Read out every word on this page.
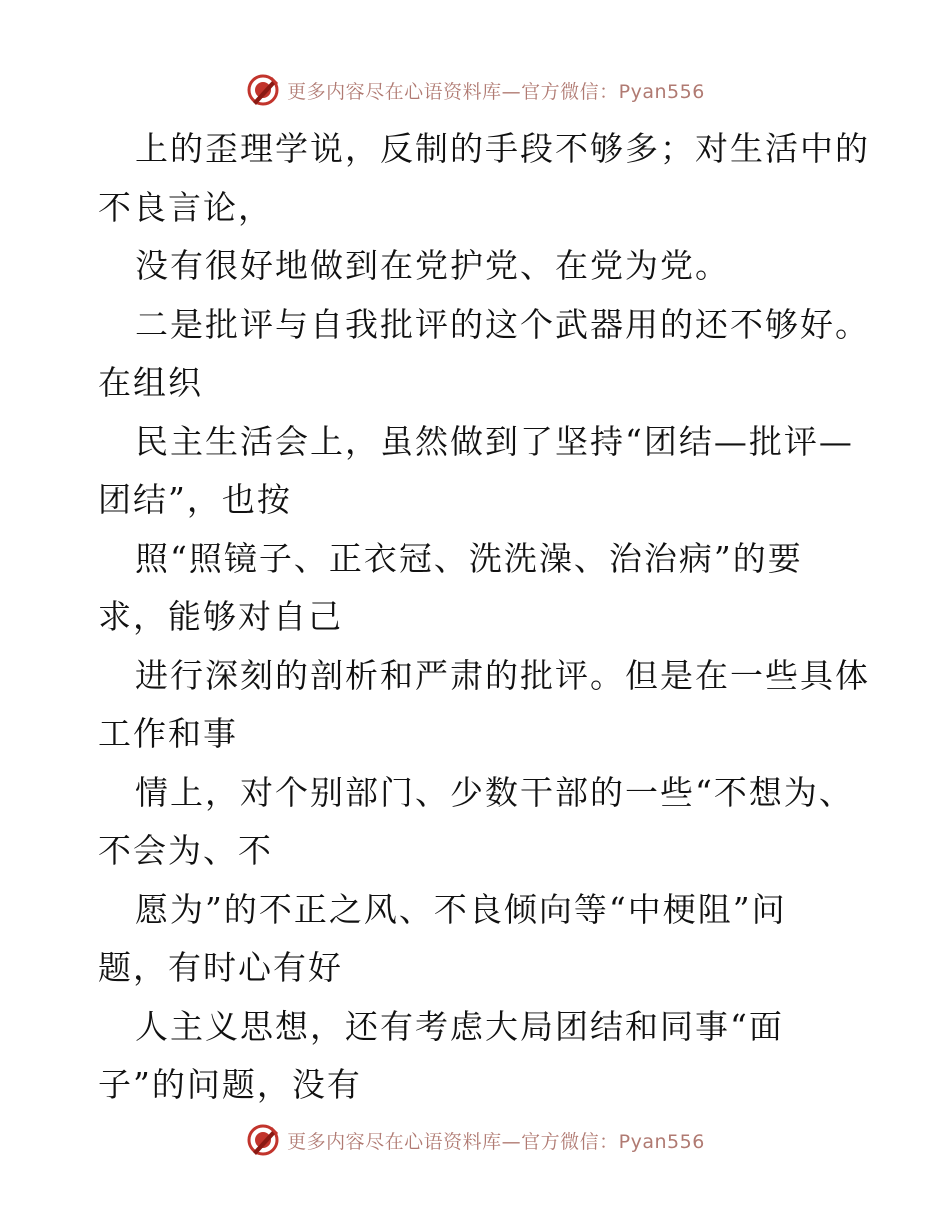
更多内容尽在心语资料库—官方微信：Pyan556
上的歪理学说，反制的手段不够多；对生活中的
不良言论，
没有很好地做到在党护党、在党为党。
二是批评与自我批评的这个武器用的还不够好。
在组织
民主生活会上，虽然做到了坚持“团结—批评—
团结”，也按
照“照镜子、正衣冠、洗洗澡、治治病”的要
求，能够对自己
进行深刻的剖析和严肃的批评。但是在一些具体
工作和事
情上，对个别部门、少数干部的一些“不想为、
不会为、不
愿为”的不正之风、不良倾向等“中梗阻”问
题，有时心有好
人主义思想，还有考虑大局团结和同事“面
子”的问题，没有
更多内容尽在心语资料库—官方微信：Pyan556
